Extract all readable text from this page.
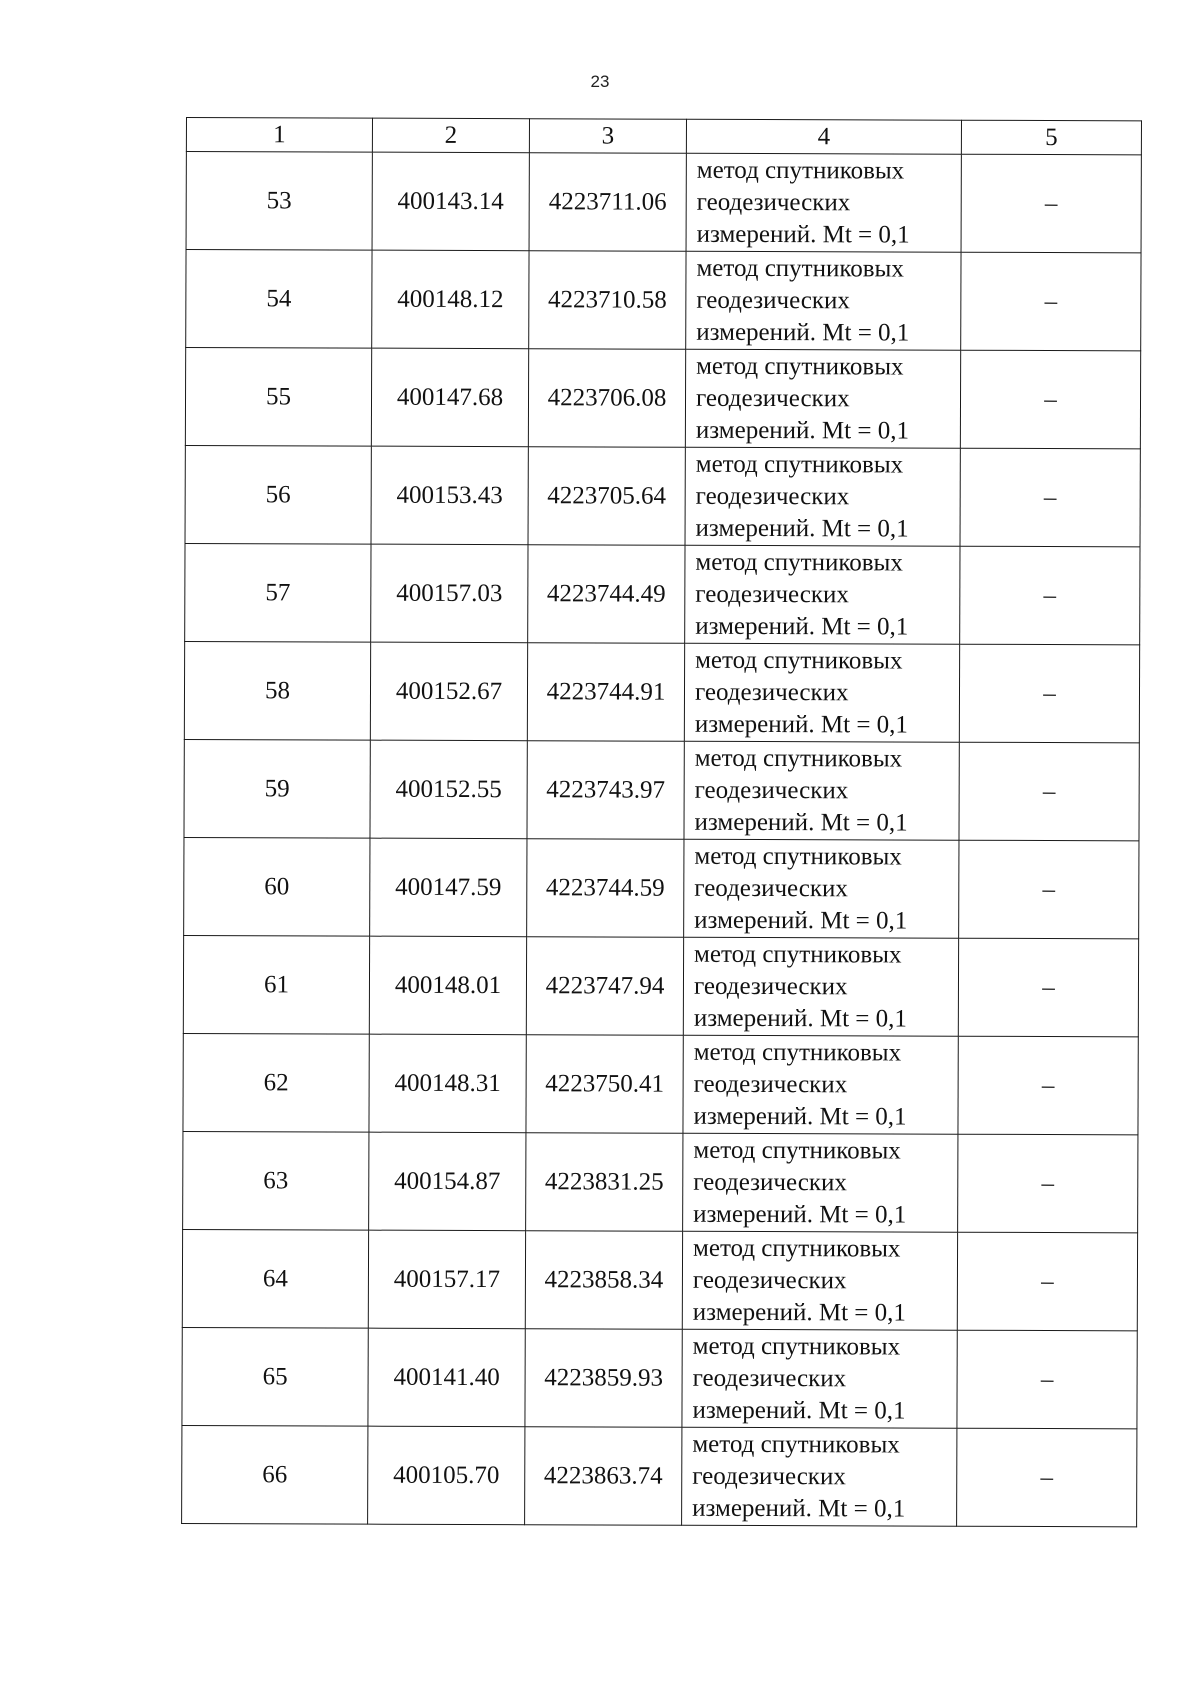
23
1	2	3	4	5
53	400143.14	4223711.06	метод спутниковых
геодезических
измерений. Mt = 0,1	–
54	400148.12	4223710.58	метод спутниковых
геодезических
измерений. Mt = 0,1	–
55	400147.68	4223706.08	метод спутниковых
геодезических
измерений. Mt = 0,1	–
56	400153.43	4223705.64	метод спутниковых
геодезических
измерений. Mt = 0,1	–
57	400157.03	4223744.49	метод спутниковых
геодезических
измерений. Mt = 0,1	–
58	400152.67	4223744.91	метод спутниковых
геодезических
измерений. Mt = 0,1	–
59	400152.55	4223743.97	метод спутниковых
геодезических
измерений. Mt = 0,1	–
60	400147.59	4223744.59	метод спутниковых
геодезических
измерений. Mt = 0,1	–
61	400148.01	4223747.94	метод спутниковых
геодезических
измерений. Mt = 0,1	–
62	400148.31	4223750.41	метод спутниковых
геодезических
измерений. Mt = 0,1	–
63	400154.87	4223831.25	метод спутниковых
геодезических
измерений. Mt = 0,1	–
64	400157.17	4223858.34	метод спутниковых
геодезических
измерений. Mt = 0,1	–
65	400141.40	4223859.93	метод спутниковых
геодезических
измерений. Mt = 0,1	–
66	400105.70	4223863.74	метод спутниковых
геодезических
измерений. Mt = 0,1	–
